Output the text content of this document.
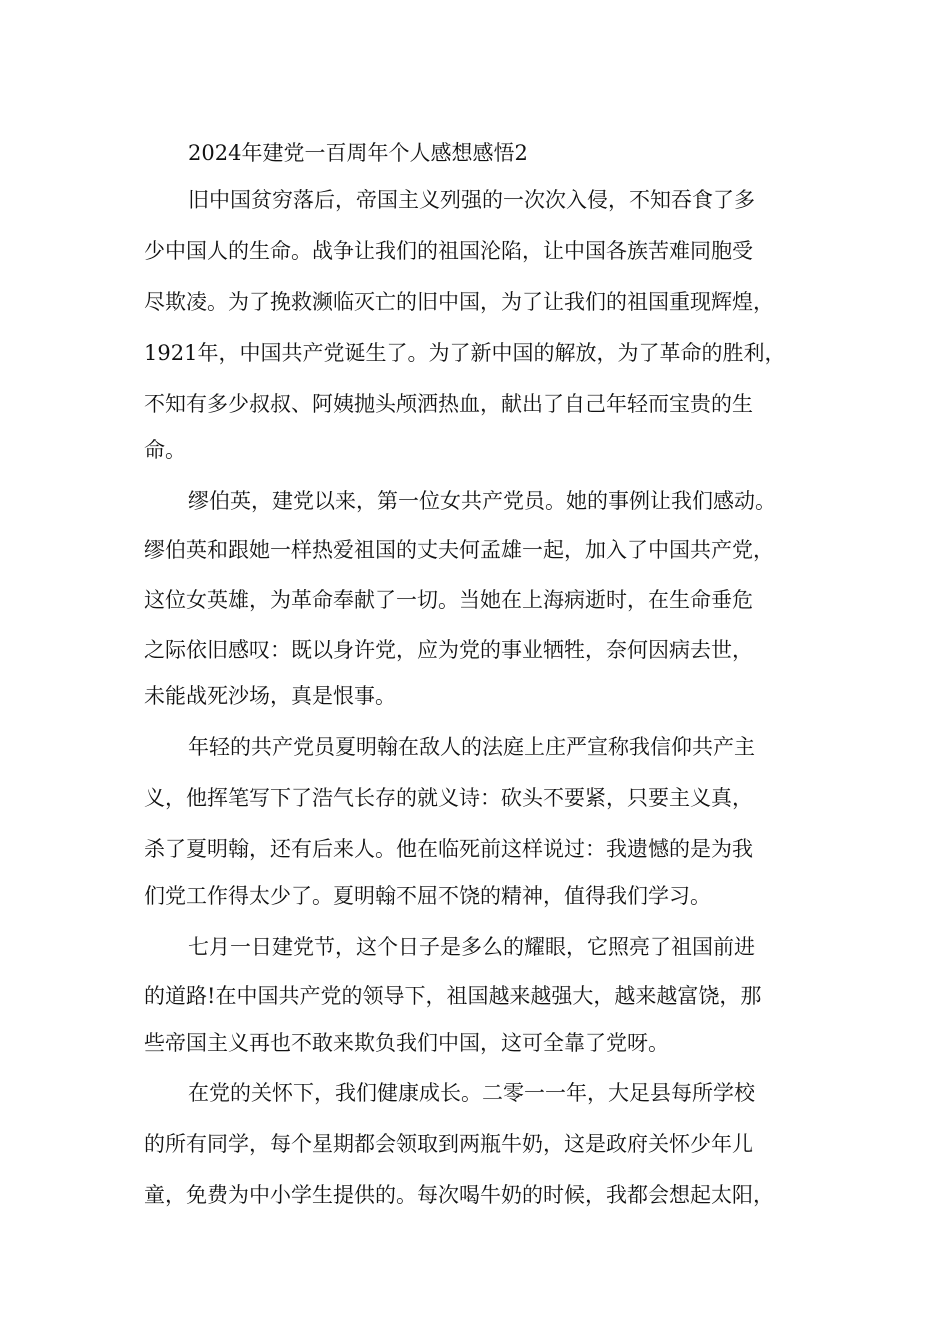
2024年建党一百周年个人感想感悟2
旧中国贫穷落后，帝国主义列强的一次次入侵，不知吞食了多
少中国人的生命。战争让我们的祖国沦陷，让中国各族苦难同胞受
尽欺凌。为了挽救濒临灭亡的旧中国，为了让我们的祖国重现辉煌，
1921年，中国共产党诞生了。为了新中国的解放，为了革命的胜利，
不知有多少叔叔、阿姨抛头颅洒热血，献出了自己年轻而宝贵的生
命。
缪伯英，建党以来，第一位女共产党员。她的事例让我们感动。
缪伯英和跟她一样热爱祖国的丈夫何孟雄一起，加入了中国共产党，
这位女英雄，为革命奉献了一切。当她在上海病逝时，在生命垂危
之际依旧感叹：既以身许党，应为党的事业牺牲，奈何因病去世，
未能战死沙场，真是恨事。
年轻的共产党员夏明翰在敌人的法庭上庄严宣称我信仰共产主
义，他挥笔写下了浩气长存的就义诗：砍头不要紧，只要主义真，
杀了夏明翰，还有后来人。他在临死前这样说过：我遗憾的是为我
们党工作得太少了。夏明翰不屈不饶的精神，值得我们学习。
七月一日建党节，这个日子是多么的耀眼，它照亮了祖国前进
的道路!在中国共产党的领导下，祖国越来越强大，越来越富饶，那
些帝国主义再也不敢来欺负我们中国，这可全靠了党呀。
在党的关怀下，我们健康成长。二零一一年，大足县每所学校
的所有同学，每个星期都会领取到两瓶牛奶，这是政府关怀少年儿
童，免费为中小学生提供的。每次喝牛奶的时候，我都会想起太阳，
